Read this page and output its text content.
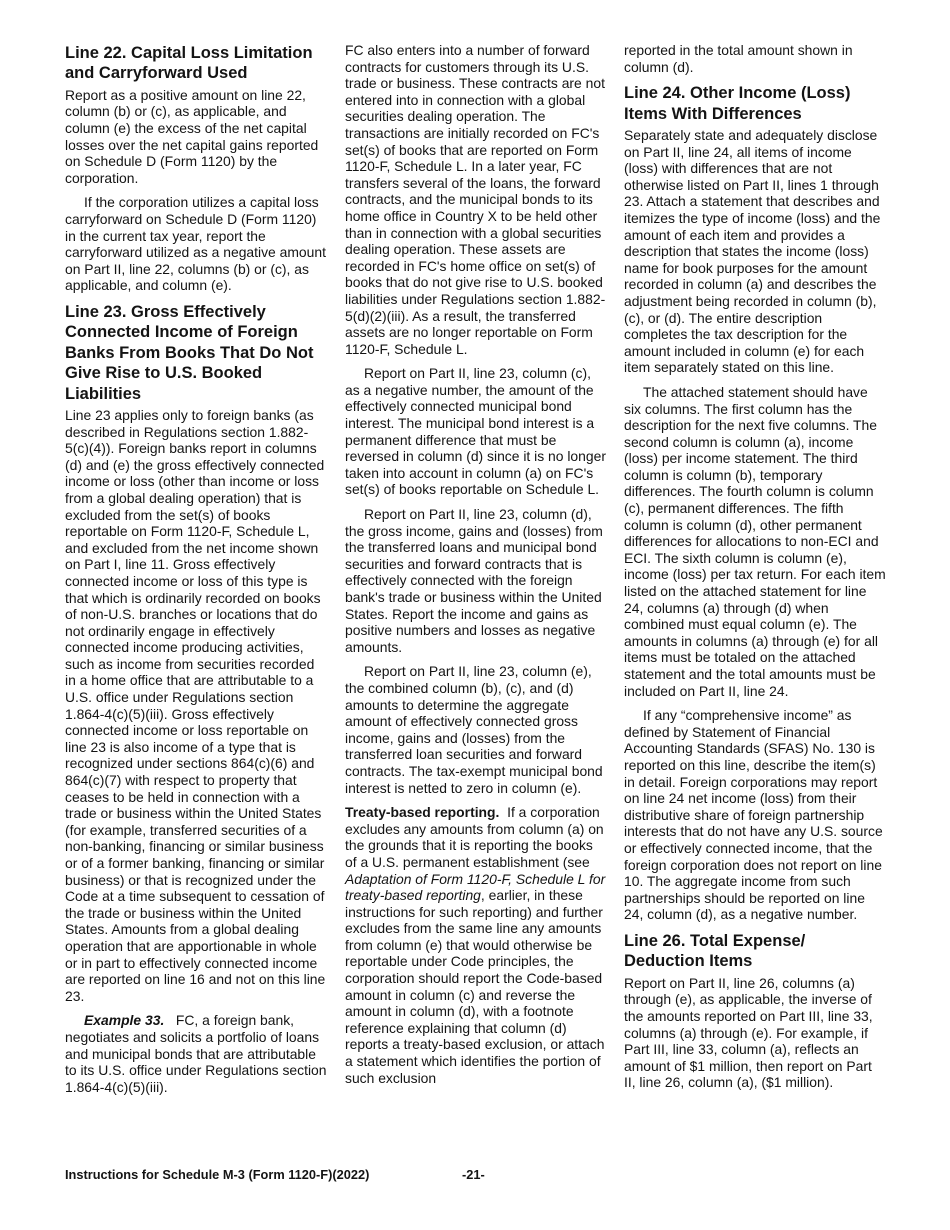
Line 22. Capital Loss Limitation and Carryforward Used

Report as a positive amount on line 22, column (b) or (c), as applicable, and column (e) the excess of the net capital losses over the net capital gains reported on Schedule D (Form 1120) by the corporation.

If the corporation utilizes a capital loss carryforward on Schedule D (Form 1120) in the current tax year, report the carryforward utilized as a negative amount on Part II, line 22, columns (b) or (c), as applicable, and column (e).

Line 23. Gross Effectively Connected Income of Foreign Banks From Books That Do Not Give Rise to U.S. Booked Liabilities

Line 23 applies only to foreign banks (as described in Regulations section 1.882-5(c)(4)). Foreign banks report in columns (d) and (e) the gross effectively connected income or loss (other than income or loss from a global dealing operation) that is excluded from the set(s) of books reportable on Form 1120-F, Schedule L, and excluded from the net income shown on Part I, line 11. Gross effectively connected income or loss of this type is that which is ordinarily recorded on books of non-U.S. branches or locations that do not ordinarily engage in effectively connected income producing activities, such as income from securities recorded in a home office that are attributable to a U.S. office under Regulations section 1.864-4(c)(5)(iii). Gross effectively connected income or loss reportable on line 23 is also income of a type that is recognized under sections 864(c)(6) and 864(c)(7) with respect to property that ceases to be held in connection with a trade or business within the United States (for example, transferred securities of a non-banking, financing or similar business or of a former banking, financing or similar business) or that is recognized under the Code at a time subsequent to cessation of the trade or business within the United States. Amounts from a global dealing operation that are apportionable in whole or in part to effectively connected income are reported on line 16 and not on this line 23.

Example 33. FC, a foreign bank, negotiates and solicits a portfolio of loans and municipal bonds that are attributable to its U.S. office under Regulations section 1.864-4(c)(5)(iii).

FC also enters into a number of forward contracts for customers through its U.S. trade or business. These contracts are not entered into in connection with a global securities dealing operation. The transactions are initially recorded on FC's set(s) of books that are reported on Form 1120-F, Schedule L. In a later year, FC transfers several of the loans, the forward contracts, and the municipal bonds to its home office in Country X to be held other than in connection with a global securities dealing operation. These assets are recorded in FC's home office on set(s) of books that do not give rise to U.S. booked liabilities under Regulations section 1.882-5(d)(2)(iii). As a result, the transferred assets are no longer reportable on Form 1120-F, Schedule L.

Report on Part II, line 23, column (c), as a negative number, the amount of the effectively connected municipal bond interest. The municipal bond interest is a permanent difference that must be reversed in column (d) since it is no longer taken into account in column (a) on FC's set(s) of books reportable on Schedule L.

Report on Part II, line 23, column (d), the gross income, gains and (losses) from the transferred loans and municipal bond securities and forward contracts that is effectively connected with the foreign bank's trade or business within the United States. Report the income and gains as positive numbers and losses as negative amounts.

Report on Part II, line 23, column (e), the combined column (b), (c), and (d) amounts to determine the aggregate amount of effectively connected gross income, gains and (losses) from the transferred loan securities and forward contracts. The tax-exempt municipal bond interest is netted to zero in column (e).

Treaty-based reporting. If a corporation excludes any amounts from column (a) on the grounds that it is reporting the books of a U.S. permanent establishment (see Adaptation of Form 1120-F, Schedule L for treaty-based reporting, earlier, in these instructions for such reporting) and further excludes from the same line any amounts from column (e) that would otherwise be reportable under Code principles, the corporation should report the Code-based amount in column (c) and reverse the amount in column (d), with a footnote reference explaining that column (d) reports a treaty-based exclusion, or attach a statement which identifies the portion of such exclusion

reported in the total amount shown in column (d).

Line 24. Other Income (Loss) Items With Differences

Separately state and adequately disclose on Part II, line 24, all items of income (loss) with differences that are not otherwise listed on Part II, lines 1 through 23. Attach a statement that describes and itemizes the type of income (loss) and the amount of each item and provides a description that states the income (loss) name for book purposes for the amount recorded in column (a) and describes the adjustment being recorded in column (b), (c), or (d). The entire description completes the tax description for the amount included in column (e) for each item separately stated on this line.

The attached statement should have six columns. The first column has the description for the next five columns. The second column is column (a), income (loss) per income statement. The third column is column (b), temporary differences. The fourth column is column (c), permanent differences. The fifth column is column (d), other permanent differences for allocations to non-ECI and ECI. The sixth column is column (e), income (loss) per tax return. For each item listed on the attached statement for line 24, columns (a) through (d) when combined must equal column (e). The amounts in columns (a) through (e) for all items must be totaled on the attached statement and the total amounts must be included on Part II, line 24.

If any “comprehensive income” as defined by Statement of Financial Accounting Standards (SFAS) No. 130 is reported on this line, describe the item(s) in detail. Foreign corporations may report on line 24 net income (loss) from their distributive share of foreign partnership interests that do not have any U.S. source or effectively connected income, that the foreign corporation does not report on line 10. The aggregate income from such partnerships should be reported on line 24, column (d), as a negative number.

Line 26. Total Expense/ Deduction Items

Report on Part II, line 26, columns (a) through (e), as applicable, the inverse of the amounts reported on Part III, line 33, columns (a) through (e). For example, if Part III, line 33, column (a), reflects an amount of $1 million, then report on Part II, line 26, column (a), ($1 million).

Instructions for Schedule M-3 (Form 1120-F)(2022)	-21-
